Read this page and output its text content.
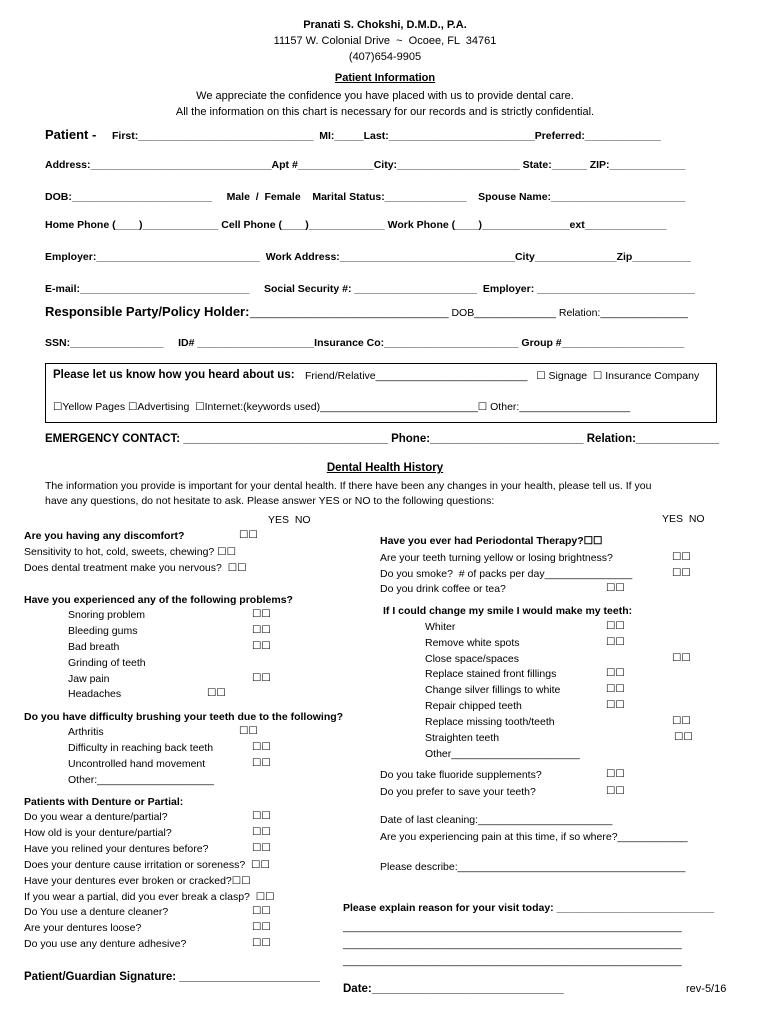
Pranati S. Chokshi, D.M.D., P.A.
11157 W. Colonial Drive  ~  Ocoee, FL  34761
(407)654-9905
Patient Information
We appreciate the confidence you have placed with us to provide dental care.
All the information on this chart is necessary for our records and is strictly confidential.
Patient - First:______________________________  MI:_____Last:_________________________Preferred:_____________
Address:_______________________________Apt #_____________City:_____________________ State:______ ZIP:_____________
DOB:________________________     Male  /  Female    Marital Status:______________    Spouse Name:_______________________
Home Phone (____)_____________ Cell Phone (____)_____________ Work Phone (____)_______________ext______________
Employer:____________________________  Work Address:______________________________City______________Zip__________
E-mail:_____________________________     Social Security #: _____________________  Employer: ___________________________
Responsible Party/Policy Holder: __________________________________ DOB______________ Relation:_______________
SSN:________________     ID# ____________________Insurance Co:_______________________ Group #_____________________
Please let us know how you heard about us: Friend/Relative__________________________   ☐ Signage  ☐ Insurance Company
☐Yellow Pages ☐Advertising  ☐Internet:(keywords used)___________________________☐ Other:___________________
EMERGENCY CONTACT: ________________________________ Phone:________________________ Relation:_____________
Dental Health History
The information you provide is important for your dental health. If there have been any changes in your health, please tell us. If you
have any questions, do not hesitate to ask. Please answer YES or NO to the following questions:
YES  NO	YES  NO
Are you having any discomfort?	☐☐
Sensitivity to hot, cold, sweets, chewing? ☐☐
Does dental treatment make you nervous?  ☐☐
Have you experienced any of the following problems?
Snoring problem	☐☐
Bleeding gums	☐☐
Bad breath	☐☐
Grinding of teeth
Jaw pain	☐☐
Headaches	☐☐
Do you have difficulty brushing your teeth due to the following?
Arthritis	☐☐
Difficulty in reaching back teeth	☐☐
Uncontrolled hand movement	☐☐
Other:____________________
Patients with Denture or Partial:
Do you wear a denture/partial?	☐☐
How old is your denture/partial?	☐☐
Have you relined your dentures before?	☐☐
Does your denture cause irritation or soreness?  ☐☐
Have your dentures ever broken or cracked?☐☐
If you wear a partial, did you ever break a clasp?  ☐☐
Do You use a denture cleaner?	☐☐
Are your dentures loose?	☐☐
Do you use any denture adhesive?	☐☐
Have you ever had Periodontal Therapy?☐☐
Are your teeth turning yellow or losing brightness?	☐☐
Do you smoke?  # of packs per day_______________	☐☐
Do you drink coffee or tea?	☐☐
If I could change my smile I would make my teeth:
Whiter	☐☐
Remove white spots	☐☐
Close space/spaces	☐☐
Replace stained front fillings	☐☐
Change silver fillings to white	☐☐
Repair chipped teeth	☐☐
Replace missing tooth/teeth	☐☐
Straighten teeth	☐☐
Other______________________
Do you take fluoride supplements?	☐☐
Do you prefer to save your teeth?	☐☐
Date of last cleaning:_______________________
Are you experiencing pain at this time, if so where?____________
Please describe:_______________________________________
Please explain reason for your visit today: ___________________________
__________________________________________________________
__________________________________________________________
__________________________________________________________
Patient/Guardian Signature: ______________________
Date:______________________________	rev-5/16
